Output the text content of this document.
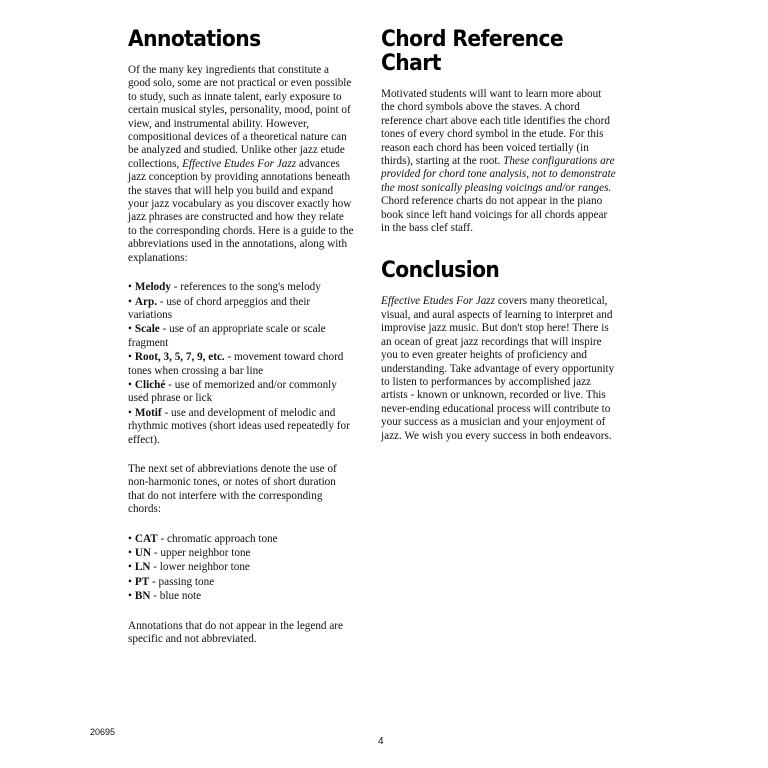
Annotations

Of the many key ingredients that constitute a good solo, some are not practical or even possible to study, such as innate talent, early exposure to certain musical styles, personality, mood, point of view, and instrumental ability. However, compositional devices of a theoretical nature can be analyzed and studied. Unlike other jazz etude collections, Effective Etudes For Jazz advances jazz conception by providing annotations beneath the staves that will help you build and expand your jazz vocabulary as you discover exactly how jazz phrases are constructed and how they relate to the corresponding chords. Here is a guide to the abbreviations used in the annotations, along with explanations:

• Melody - references to the song's melody
• Arp. - use of chord arpeggios and their variations
• Scale - use of an appropriate scale or scale fragment
• Root, 3, 5, 7, 9, etc. - movement toward chord tones when crossing a bar line
• Cliché - use of memorized and/or commonly used phrase or lick
• Motif - use and development of melodic and rhythmic motives (short ideas used repeatedly for effect).

The next set of abbreviations denote the use of non-harmonic tones, or notes of short duration that do not interfere with the corresponding chords:

• CAT - chromatic approach tone
• UN - upper neighbor tone
• LN - lower neighbor tone
• PT - passing tone
• BN - blue note

Annotations that do not appear in the legend are specific and not abbreviated.

Chord Reference Chart

Motivated students will want to learn more about the chord symbols above the staves. A chord reference chart above each title identifies the chord tones of every chord symbol in the etude. For this reason each chord has been voiced tertially (in thirds), starting at the root. These configurations are provided for chord tone analysis, not to demonstrate the most sonically pleasing voicings and/or ranges. Chord reference charts do not appear in the piano book since left hand voicings for all chords appear in the bass clef staff.

Conclusion

Effective Etudes For Jazz covers many theoretical, visual, and aural aspects of learning to interpret and improvise jazz music. But don't stop here! There is an ocean of great jazz recordings that will inspire you to even greater heights of proficiency and understanding. Take advantage of every opportunity to listen to performances by accomplished jazz artists - known or unknown, recorded or live. This never-ending educational process will contribute to your success as a musician and your enjoyment of jazz. We wish you every success in both endeavors.

20695
4
